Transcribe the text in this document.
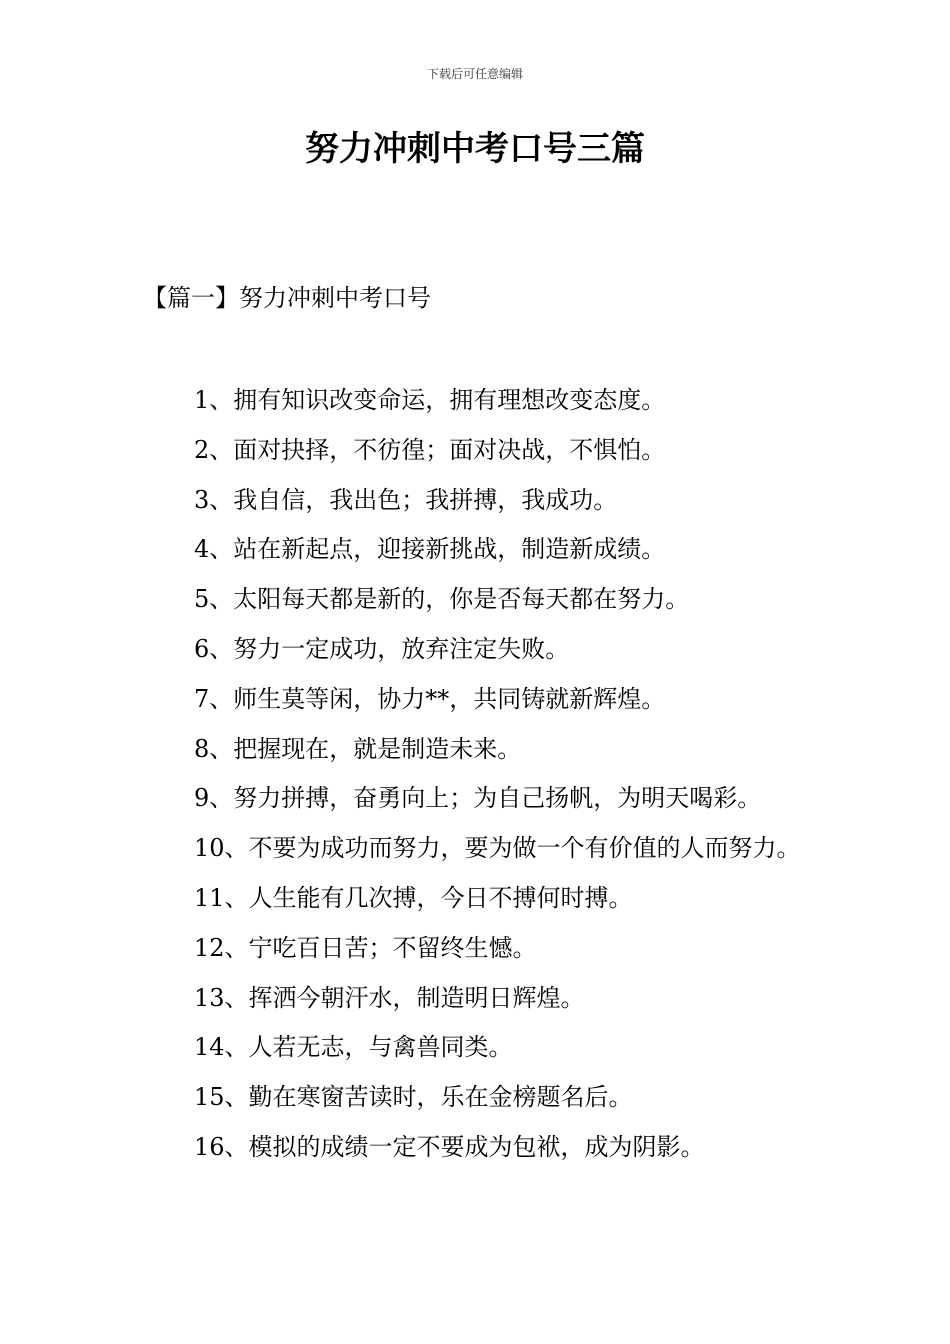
下载后可任意编辑
努力冲刺中考口号三篇
【篇一】努力冲刺中考口号
1、拥有知识改变命运，拥有理想改变态度。
2、面对抉择，不彷徨；面对决战，不惧怕。
3、我自信，我出色；我拼搏，我成功。
4、站在新起点，迎接新挑战，制造新成绩。
5、太阳每天都是新的，你是否每天都在努力。
6、努力一定成功，放弃注定失败。
7、师生莫等闲，协力**，共同铸就新辉煌。
8、把握现在，就是制造未来。
9、努力拼搏，奋勇向上；为自己扬帆，为明天喝彩。
10、不要为成功而努力，要为做一个有价值的人而努力。
11、人生能有几次搏，今日不搏何时搏。
12、宁吃百日苦；不留终生憾。
13、挥洒今朝汗水，制造明日辉煌。
14、人若无志，与禽兽同类。
15、勤在寒窗苦读时，乐在金榜题名后。
16、模拟的成绩一定不要成为包袱，成为阴影。
